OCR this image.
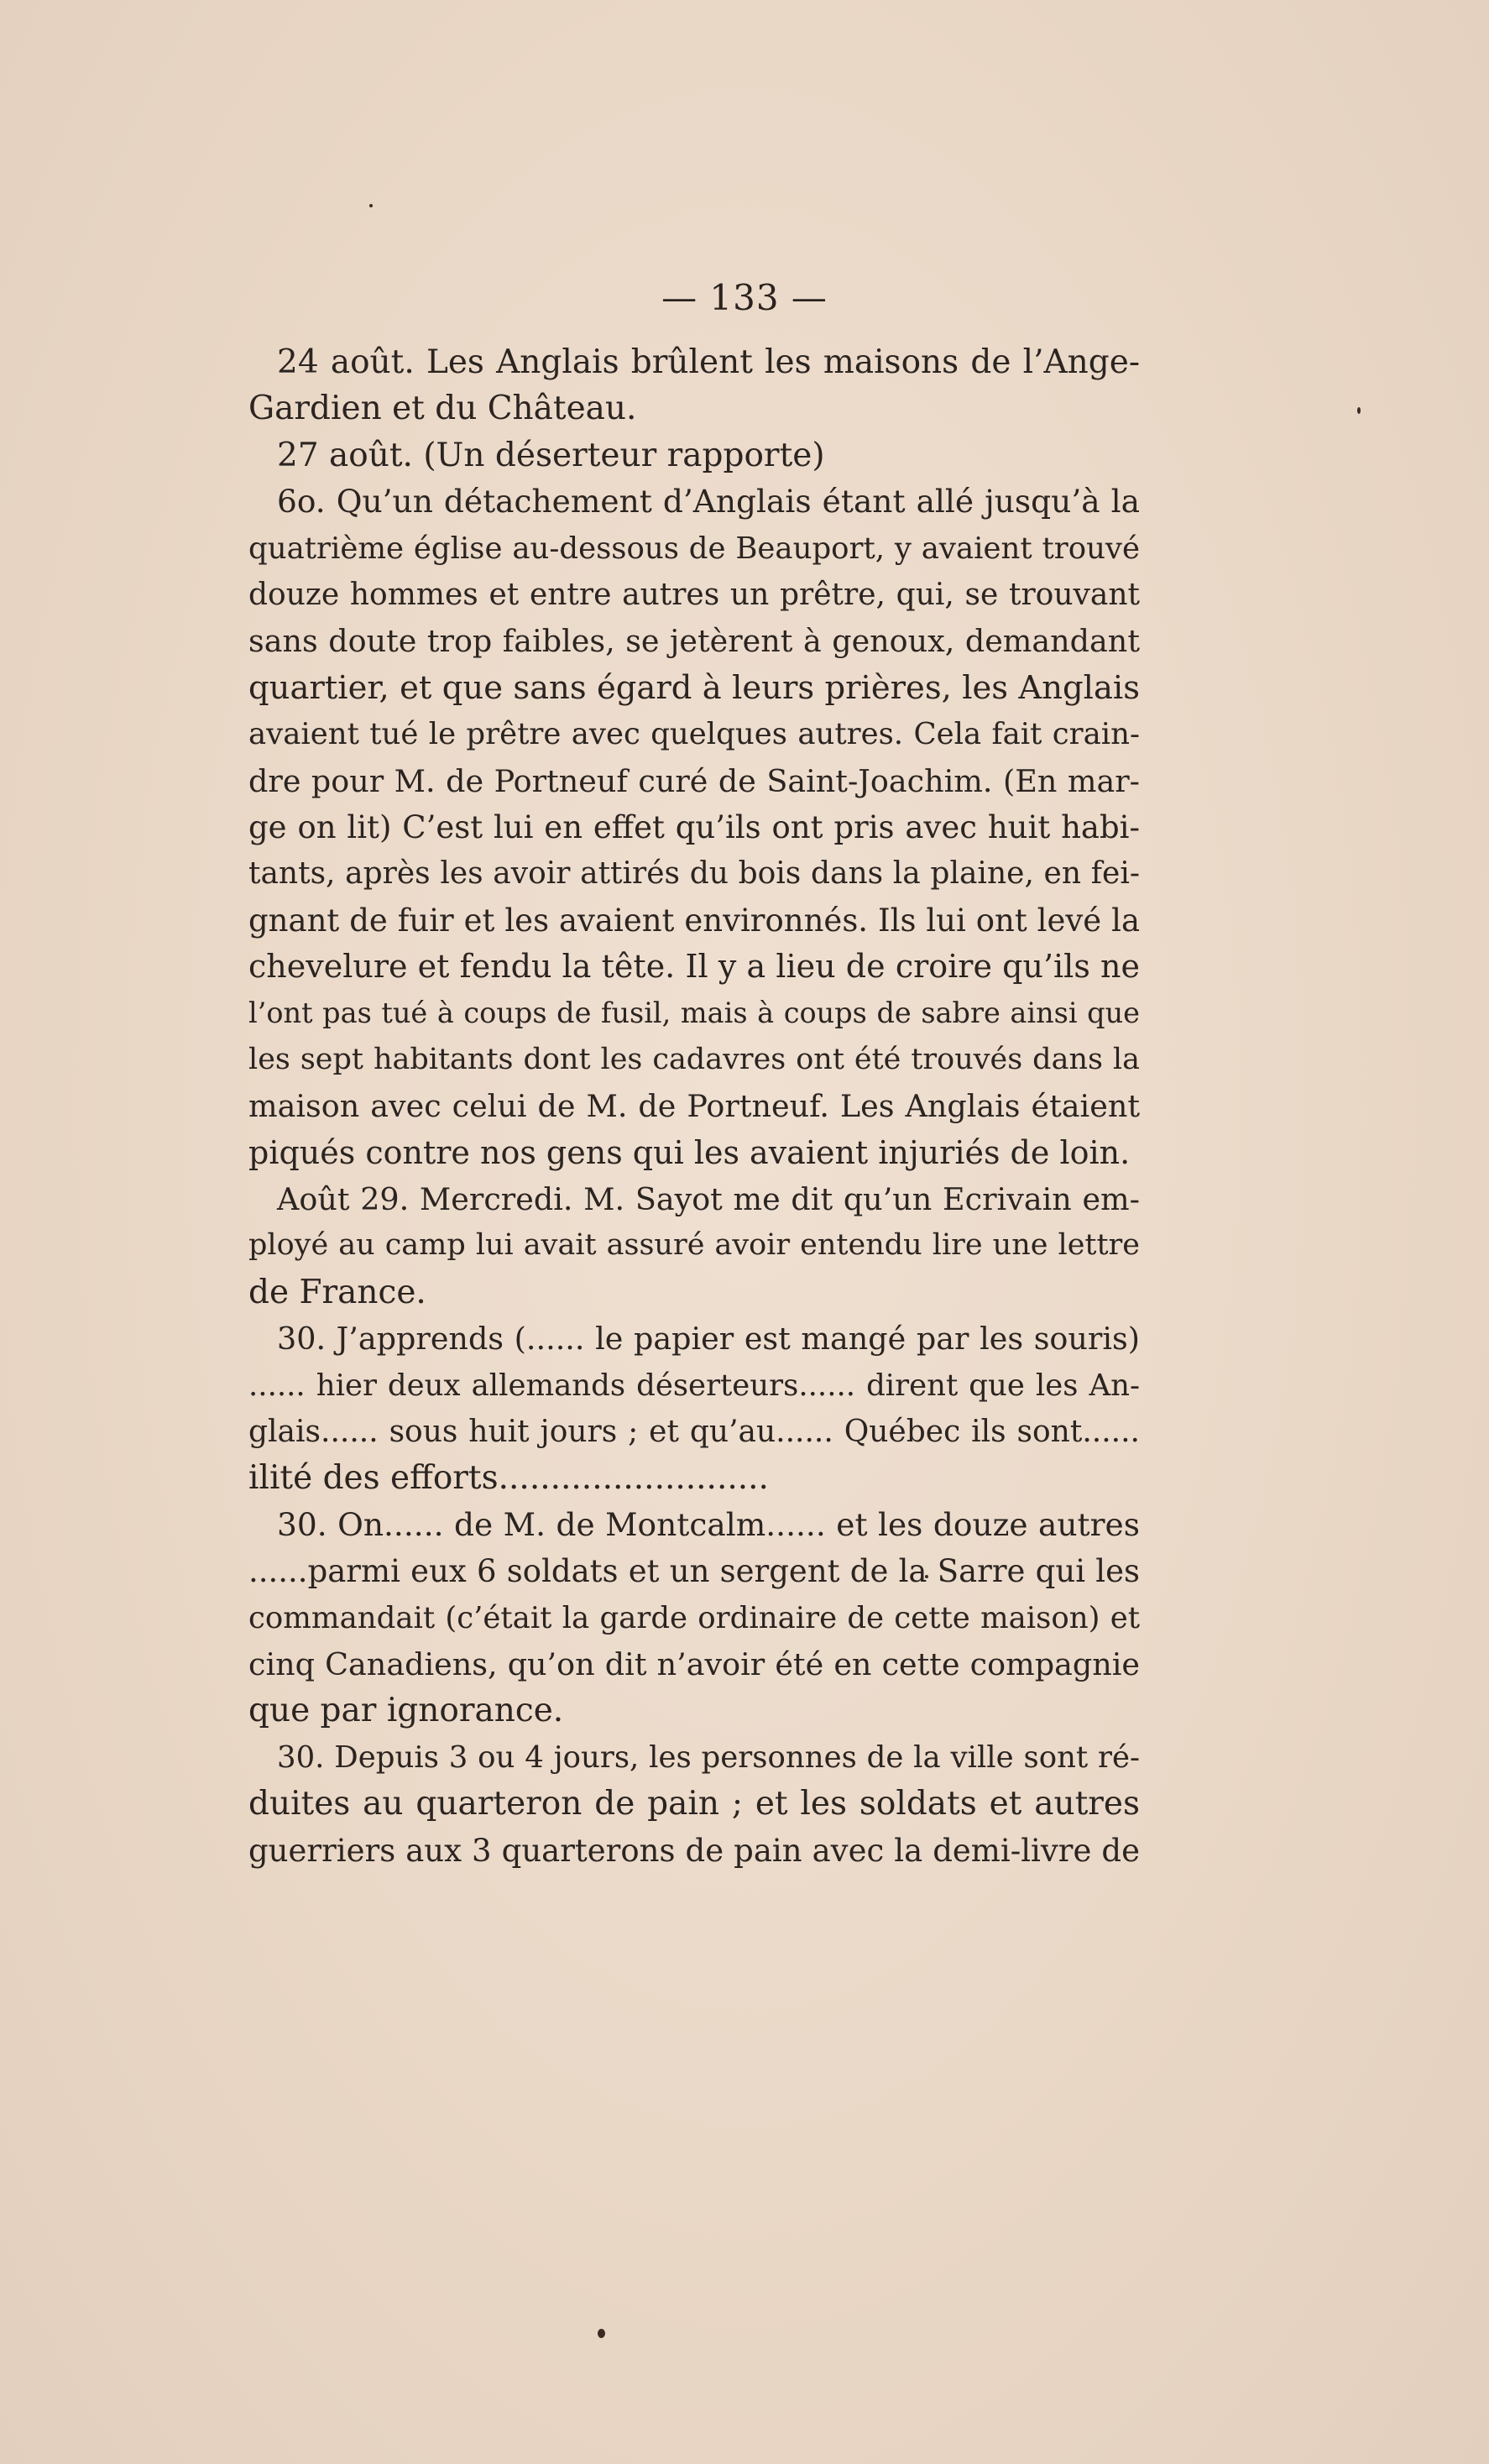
— 133 —
24 août. Les Anglais brûlent les maisons de l’Ange-
Gardien et du Château.
27 août. (Un déserteur rapporte)
6o. Qu’un détachement d’Anglais étant allé jusqu’à la
quatrième église au-dessous de Beauport, y avaient trouvé
douze hommes et entre autres un prêtre, qui, se trouvant
sans doute trop faibles, se jetèrent à genoux, demandant
quartier, et que sans égard à leurs prières, les Anglais
avaient tué le prêtre avec quelques autres. Cela fait crain-
dre pour M. de Portneuf curé de Saint-Joachim. (En mar-
ge on lit) C’est lui en effet qu’ils ont pris avec huit habi-
tants, après les avoir attirés du bois dans la plaine, en fei-
gnant de fuir et les avaient environnés. Ils lui ont levé la
chevelure et fendu la tête. Il y a lieu de croire qu’ils ne
l’ont pas tué à coups de fusil, mais à coups de sabre ainsi que
les sept habitants dont les cadavres ont été trouvés dans la
maison avec celui de M. de Portneuf. Les Anglais étaient
piqués contre nos gens qui les avaient injuriés de loin.
Août 29. Mercredi. M. Sayot me dit qu’un Ecrivain em-
ployé au camp lui avait assuré avoir entendu lire une lettre
de France.
30. J’apprends (...... le papier est mangé par les souris)
...... hier deux allemands déserteurs...... dirent que les An-
glais...... sous huit jours ; et qu’au...... Québec ils sont......
ilité des efforts..........................
30. On...... de M. de Montcalm...... et les douze autres
......parmi eux 6 soldats et un sergent de la Sarre qui les
commandait (c’était la garde ordinaire de cette maison) et
cinq Canadiens, qu’on dit n’avoir été en cette compagnie
que par ignorance.
30. Depuis 3 ou 4 jours, les personnes de la ville sont ré-
duites au quarteron de pain ; et les soldats et autres
guerriers aux 3 quarterons de pain avec la demi-livre de
